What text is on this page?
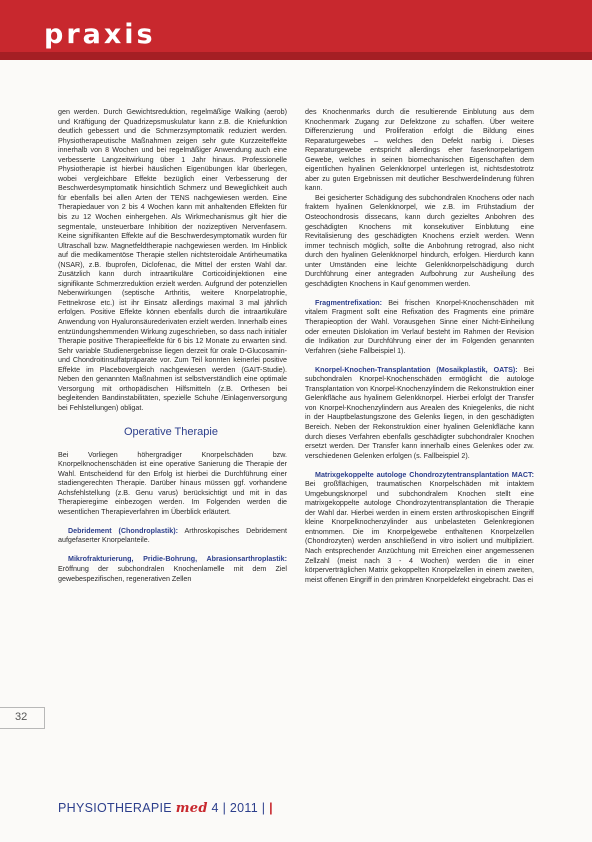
praxis

gen werden. Durch Gewichtsreduktion, regelmäßige Walking (aerob) und Kräftigung der Quadrizepsmuskulatur kann z.B. die Kniefunktion deutlich gebessert und die Schmerzsymptomatik reduziert werden. Physiotherapeutische Maßnahmen zeigen sehr gute Kurzzeiteffekte innerhalb von 8 Wochen und bei regelmäßiger Anwendung auch eine verbesserte Langzeitwirkung über 1 Jahr hinaus. Professionelle Physiotherapie ist hierbei häuslichen Eigenübungen klar überlegen, wobei vergleichbare Effekte bezüglich einer Verbesserung der Beschwerdesymptomatik hinsichtlich Schmerz und Beweglichkeit auch für ebenfalls bei allen Arten der TENS nachgewiesen werden. Eine Therapiedauer von 2 bis 4 Wochen kann mit anhaltenden Effekten für bis zu 12 Wochen einhergehen. Als Wirkmechanismus gilt hier die segmentale, unsteuerbare Inhibition der nozizeptiven Nervenfasern. Keine signifikanten Effekte auf die Beschwerdesymptomatik wurden für Ultraschall bzw. Magnetfeldtherapie nachgewiesen werden. Im Hinblick auf die medikamentöse Therapie stellen nichtsteroidale Antirheumatika (NSAR), z.B. Ibuprofen, Diclofenac, die Mittel der ersten Wahl dar. Zusätzlich kann durch intraartikuläre Corticoidinjektionen eine signifikante Schmerzreduktion erzielt werden. Aufgrund der potenziellen Nebenwirkungen (septische Arthritis, weitere Knorpelatrophie, Fettnekrose etc.) ist ihr Einsatz allerdings maximal 3 mal jährlich erfolgen. Positive Effekte können ebenfalls durch die intraartikuläre Anwendung von Hyaluronsäurederivaten erzielt werden. Innerhalb eines entzündungshemmenden Wirkung zugeschrieben, so dass nach initialer Therapie positive Therapieeffekte für 6 bis 12 Monate zu erwarten sind. Sehr variable Studienergebnisse liegen derzeit für orale D-Glucosamin- und Chondroitinsulfatpräparate vor. Zum Teil konnten keinerlei positive Effekte im Placebovergleich nachgewiesen werden (GAIT-Studie). Neben den genannten Maßnahmen ist selbstverständlich eine optimale Versorgung mit orthopädischen Hilfsmitteln (z.B. Orthesen bei begleitenden Bandinstabilitäten, spezielle Schuhe /Einlagenversorgung bei Fehlstellungen) obligat.

Operative Therapie

Bei Vorliegen höhergradiger Knorpelschäden bzw. Knorpelknochenschäden ist eine operative Sanierung die Therapie der Wahl. Entscheidend für den Erfolg ist hierbei die Durchführung einer stadiengerechten Therapie. Darüber hinaus müssen ggf. vorhandene Achsfehlstellung (z.B. Genu varus) berücksichtigt und mit in das Therapieregime einbezogen werden. Im Folgenden werden die wesentlichen Therapieverfahren im Überblick erläutert.

Debridement (Chondroplastik): Arthroskopisches Debridement aufgefaserter Knorpelanteile.

Mikrofrakturierung, Pridie-Bohrung, Abrasionsarthroplastik: Eröffnung der subchondralen Knochenlamelle mit dem Ziel gewebespezifischen, regenerativen Zellen

des Knochenmarks durch die resultierende Einblutung aus dem Knochenmark Zugang zur Defektzone zu schaffen. Über weitere Differenzierung und Proliferation erfolgt die Bildung eines Reparaturgewebes – welches den Defekt narbig i. Dieses Reparaturgewebe entspricht allerdings eher faserknorpelartigem Gewebe, welches in seinen biomechanischen Eigenschaften dem eigentlichen hyalinen Gelenkknorpel unterlegen ist, nichtsdestotrotz aber zu guten Ergebnissen mit deutlicher Beschwerdelinderung führen kann.

Bei gesicherter Schädigung des subchondralen Knochens oder nach fraktem hyalinen Gelenkknorpel, wie z.B. im Frühstadium der Osteochondrosis dissecans, kann durch gezieltes Anbohren des geschädigten Knochens mit konsekutiver Einblutung eine Revitalisierung des geschädigten Knochens erzielt werden. Wenn immer technisch möglich, sollte die Anbohrung retrograd, also nicht durch den hyalinen Gelenkknorpel hindurch, erfolgen. Hierdurch kann unter Umständen eine leichte Gelenkknorpelschädigung durch Durchführung einer antegraden Aufbohrung zur Ausheilung des geschädigten Knochens in Kauf genommen werden.

Fragmentrefixation: Bei frischen Knorpel-Knochenschäden mit vitalem Fragment sollt eine Refixation des Fragments eine primäre Therapieoption der Wahl. Vorausgehen Sinne einer Nicht-Einheilung oder erneuten Dislokation im Verlauf besteht im Rahmen der Revision die Indikation zur Durchführung einer der im Folgenden genannten Verfahren (siehe Fallbeispiel 1).

Knorpel-Knochen-Transplantation (Mosaikplastik, OATS): Bei subchondralen Knorpel-Knochenschäden ermöglicht die autologe Transplantation von Knorpel-Knochenzylindern die Rekonstruktion einer Gelenkfläche aus hyalinem Gelenkknorpel. Hierbei erfolgt der Transfer von Knorpel-Knochenzylindern aus Arealen des Kniegelenks, die nicht in der Hauptbelastungszone des Gelenks liegen, in den geschädigten Bereich. Neben der Rekonstruktion einer hyalinen Gelenkfläche kann durch dieses Verfahren ebenfalls geschädigter subchondraler Knochen ersetzt werden. Der Transfer kann innerhalb eines Gelenkes oder zw. verschiedenen Gelenken erfolgen (s. Fallbeispiel 2).

Matrixgekoppelte autologe Chondrozytentransplantation MACT: Bei großflächigen, traumatischen Knorpelschäden mit intaktem Umgebungsknorpel und subchondralem Knochen stellt eine matrixgekoppelte autologe Chondrozytentransplantation die Therapie der Wahl dar. Hierbei werden in einem ersten arthroskopischen Eingriff kleine Knorpelknochenzylinder aus unbelasteten Gelenkregionen entnommen. Die im Knorpelgewebe enthaltenen Knorpelzellen (Chondrozyten) werden anschließend in vitro isoliert und multipliziert. Nach entsprechender Anzüchtung mit Erreichen einer angemessenen Zellzahl (meist nach 3 - 4 Wochen) werden die in einer körperverträglichen Matrix gekoppelten Knorpelzellen in einem zweiten, meist offenen Eingriff in den primären Knorpeldefekt eingebracht. Das ei

32
PHYSIOTHERAPIE med 4 | 2011 | |
